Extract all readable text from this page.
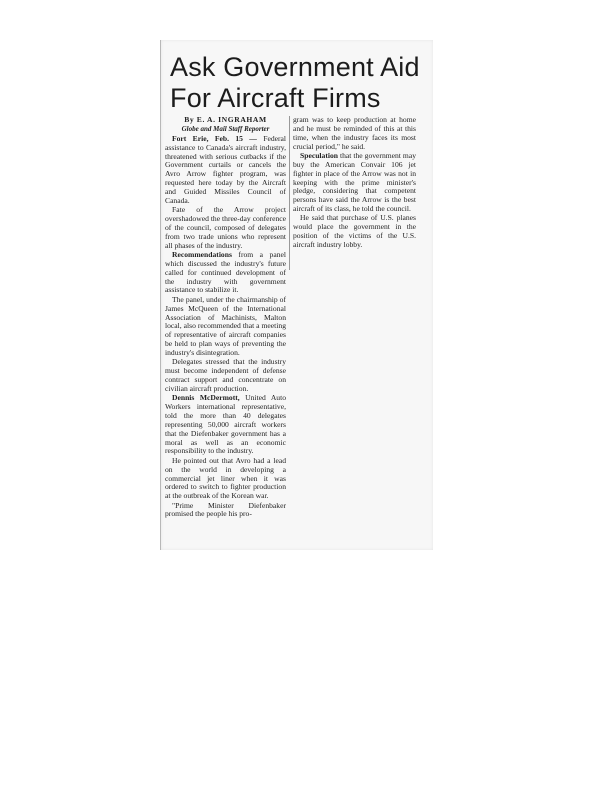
Ask Government Aid
For Aircraft Firms

By E. A. INGRAHAM

Globe and Mail Staff Reporter

Fort Erie, Feb. 15 — Federal assistance to Canada's aircraft industry, threatened with serious cutbacks if the Government curtails or cancels the Avro Arrow fighter program, was requested here today by the Aircraft and Guided Missiles Council of Canada.

Fate of the Arrow project overshadowed the three-day conference of the council, composed of delegates from two trade unions who represent all phases of the industry.

Recommendations from a panel which discussed the industry's future called for continued development of the industry with government assistance to stabilize it.

The panel, under the chairmanship of James McQueen of the International Association of Machinists, Malton local, also recommended that a meeting of representative of aircraft companies be held to plan ways of preventing the industry's disintegration.

Delegates stressed that the industry must become independent of defense contract support and concentrate on civilian aircraft production.

Dennis McDermott, United Auto Workers international representative, told the more than 40 delegates representing 50,000 aircraft workers that the Diefenbaker government has a moral as well as an economic responsibility to the industry.

He pointed out that Avro had a lead on the world in developing a commercial jet liner when it was ordered to switch to fighter production at the outbreak of the Korean war.

"Prime Minister Diefenbaker promised the people his pro-

gram was to keep production at home and he must be reminded of this at this time, when the industry faces its most crucial period," he said.

Speculation that the government may buy the American Convair 106 jet fighter in place of the Arrow was not in keeping with the prime minister's pledge, considering that competent persons have said the Arrow is the best aircraft of its class, he told the council.

He said that purchase of U.S. planes would place the government in the position of the victims of the U.S. aircraft industry lobby.
